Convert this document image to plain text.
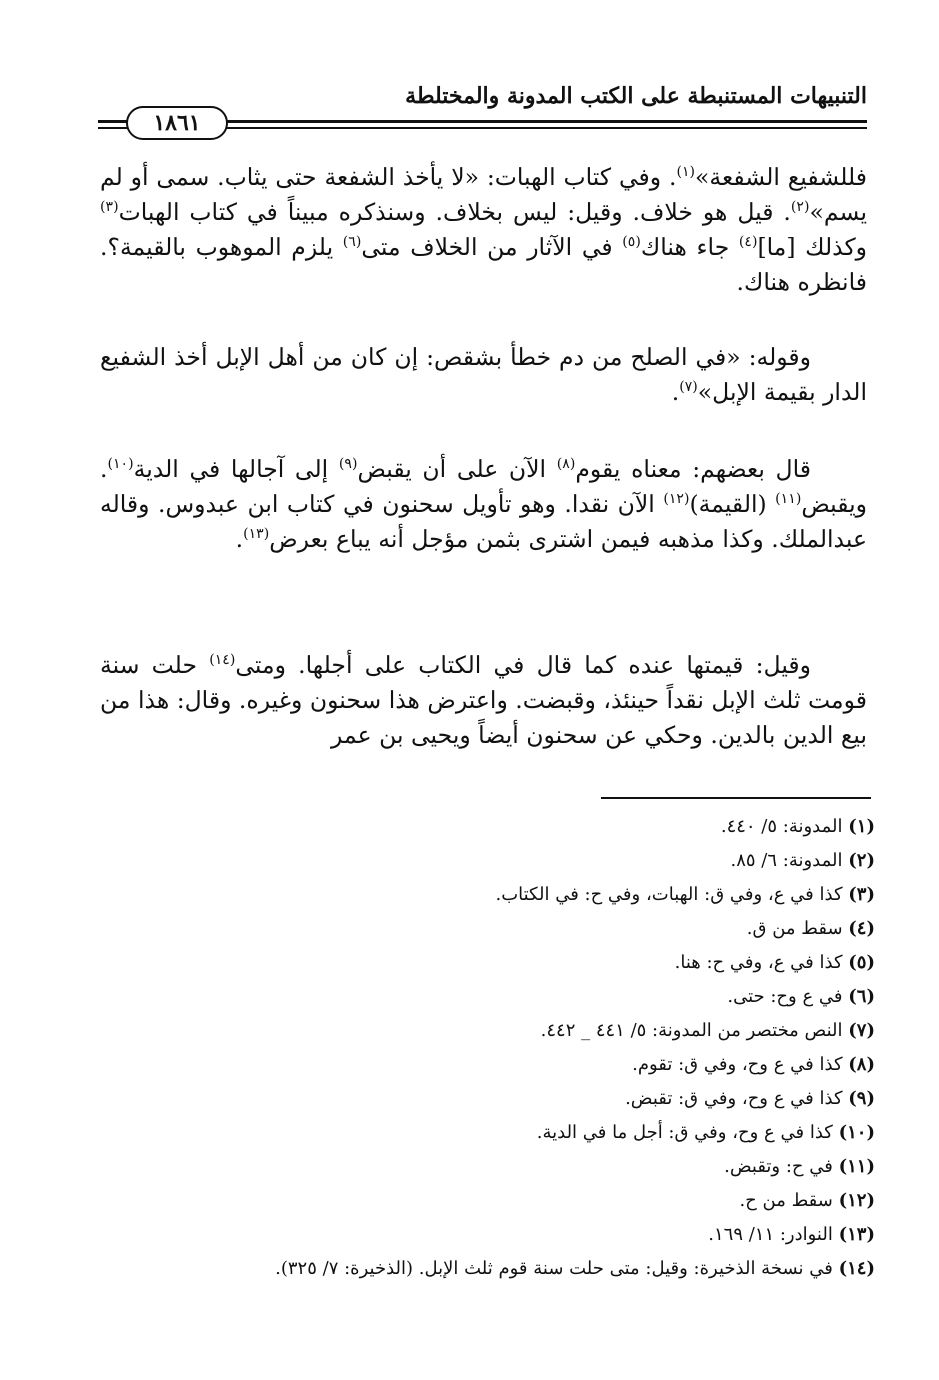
التنبيهات المستنبطة على الكتب المدونة والمختلطة
١٨٦١

فللشفيع الشفعة»$^{(١)}$. وفي كتاب الهبات: «لا يأخذ الشفعة حتى يثاب. سمى أو لم يسم»$^{(٢)}$. قيل هو خلاف. وقيل: ليس بخلاف. وسنذكره مبيناً في كتاب الهبات$^{(٣)}$ وكذلك [ما]$^{(٤)}$ جاء هناك$^{(٥)}$ في الآثار من الخلاف متى$^{(٦)}$ يلزم الموهوب بالقيمة؟. فانظره هناك.

وقوله: «في الصلح من دم خطأ بشقص: إن كان من أهل الإبل أخذ الشفيع الدار بقيمة الإبل»$^{(٧)}$.

قال بعضهم: معناه يقوم$^{(٨)}$ الآن على أن يقبض$^{(٩)}$ إلى آجالها في الدية$^{(١٠)}$. ويقبض$^{(١١)}$ (القيمة)$^{(١٢)}$ الآن نقدا. وهو تأويل سحنون في كتاب ابن عبدوس. وقاله عبدالملك. وكذا مذهبه فيمن اشترى بثمن مؤجل أنه يباع بعرض$^{(١٣)}$.

وقيل: قيمتها عنده كما قال في الكتاب على أجلها. ومتى$^{(١٤)}$ حلت سنة قومت ثلث الإبل نقداً حينئذ، وقبضت. واعترض هذا سحنون وغيره. وقال: هذا من بيع الدين بالدين. وحكي عن سحنون أيضاً ويحيى بن عمر

(١) المدونة: ٥/ ٤٤٠.
(٢) المدونة: ٦/ ٨٥.
(٣) كذا في ع، وفي ق: الهبات، وفي ح: في الكتاب.
(٤) سقط من ق.
(٥) كذا في ع، وفي ح: هنا.
(٦) في ع وح: حتى.
(٧) النص مختصر من المدونة: ٥/ ٤٤١ _ ٤٤٢.
(٨) كذا في ع وح، وفي ق: تقوم.
(٩) كذا في ع وح، وفي ق: تقبض.
(١٠) كذا في ع وح، وفي ق: أجل ما في الدية.
(١١) في ح: وتقبض.
(١٢) سقط من ح.
(١٣) النوادر: ١١/ ١٦٩.
(١٤) في نسخة الذخيرة: وقيل: متى حلت سنة قوم ثلث الإبل. (الذخيرة: ٧/ ٣٢٥).
